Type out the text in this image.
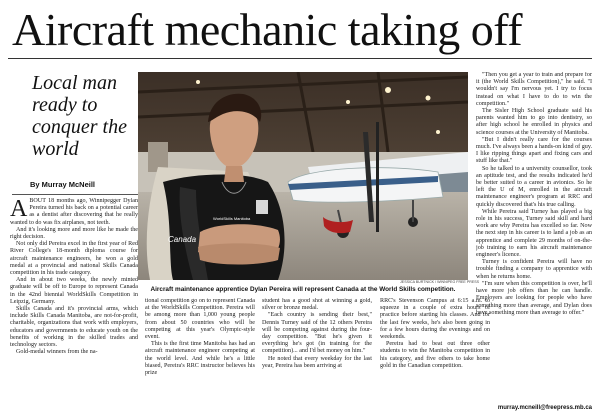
Aircraft mechanic taking off
Local man ready to conquer the world
By Murray McNeill

ABOUT 18 months ago, Winnipegger Dylan Pereira turned his back on a potential career as a dentist after discovering that he really wanted to do was fix airplanes, not teeth.

And it's looking more and more like he made the right decision.

Not only did Pereira excel in the first year of Red River College's 18-month diploma course for aircraft maintenance engineers, he won a gold medal at a provincial and national Skills Canada competition in his trade category.

And in about two weeks, the newly minted graduate will be off to Europe to represent Canada in the 42nd biennial WorldSkills Competition in Leipzig, Germany.

Skills Canada and it's provincial arms, which include Skills Canada Manitoba, are not-for-profit, charitable, organizations that work with employers, educators and governments to educate youth on the benefits of working in the skilled trades and technology sectors.

Gold-medal winners from the na-

Canada
WorldSkills Manitoba
JESSICA BURTNICK / WINNIPEG FREE PRESS
Aircraft maintenance apprentice Dylan Pereira will represent Canada at the World Skills competition.

tional competition go on to represent Canada at the WorldSkills Competition. Pereira will be among more than 1,000 young people from about 50 countries who will be competing at this year's Olympic-style event.

This is the first time Manitoba has had an aircraft maintenance engineer competing at the world level. And while he's a little biased, Pereira's RRC instructor believes his prize

student has a good shot at winning a gold, silver or bronze medal.

"Each country is sending their best," Dennis Turney said of the 12 others Pereira will be competing against during the four-day competition. "But he's given it everything he's got (in training for the competition)... and I'd bet money on him."

He noted that every weekday for the last year, Pereira has been arriving at

RRC's Stevenson Campus at 6:15 a.m. to squeeze in a couple of extra hours of practice before starting his classes. And for the last few weeks, he's also been going in for a few hours during the evenings and on weekends.

Pereira had to beat out three other students to win the Manitoba competition in his category, and five others to take home gold in the Canadian competition.

"Then you get a year to train and prepare for it (the World Skills Competition)," he said. "I wouldn't say I'm nervous yet. I try to focus instead on what I have to do to win the competition."

The Sisler High School graduate said his parents wanted him to go into dentistry, so after high school he enrolled in physics and science courses at the University of Manitoba.

"But I didn't really care for the courses much. I've always been a hands-on kind of guy. I like ripping things apart and fixing cars and stuff like that."

So he talked to a university counsellor, took an aptitude test, and the results indicated he'd be better suited to a career in avionics. So he left the U of M, enrolled in the aircraft maintenance engineer's program at RRC and quickly discovered that's his true calling.

While Pereira said Turney has played a big role in his success, Turney said skill and hard work are why Pereira has excelled so far. Now the next step in his career is to land a job as an apprentice and complete 29 months of on-the-job training to earn his aircraft maintenance engineer's licence.

Turney is confident Pereira will have no trouble finding a company to apprentice with when he returns home.

"I'm sure when this competition is over, he'll have more job offers than he can handle. Employers are looking for people who have something more than average, and Dylan does have something more than average to offer."

murray.mcneill@freepress.mb.ca
